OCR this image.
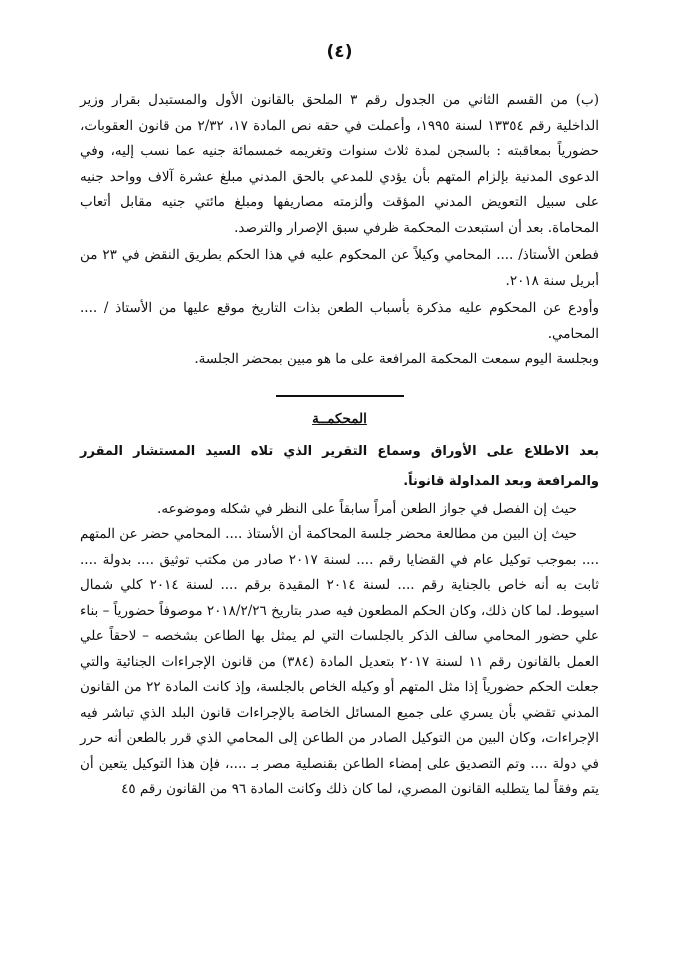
(٤)

(ب) من القسم الثاني من الجدول رقم ٣ الملحق بالقانون الأول والمستبدل بقرار وزير الداخلية رقم ١٣٣٥٤ لسنة ١٩٩٥، وأعملت في حقه نص المادة ١٧، ٢/٣٢ من قانون العقوبات، حضورياً بمعاقبته : بالسجن لمدة ثلاث سنوات وتغريمه خمسمائة جنيه عما نسب إليه، وفي الدعوى المدنية بإلزام المتهم بأن يؤدي للمدعي بالحق المدني مبلغ عشرة آلاف وواحد جنيه على سبيل التعويض المدني المؤقت وألزمته مصاريفها ومبلغ مائتي جنيه مقابل أتعاب المحاماة. بعد أن استبعدت المحكمة ظرفي سبق الإصرار والترصد.

فطعن الأستاذ/ .... المحامي وكيلاً عن المحكوم عليه في هذا الحكم بطريق النقض في ٢٣ من أبريل سنة ٢٠١٨.

وأودع عن المحكوم عليه مذكرة بأسباب الطعن بذات التاريخ موقع عليها من الأستاذ / .... المحامي.

وبجلسة اليوم سمعت المحكمة المرافعة على ما هو مبين بمحضر الجلسة.

المحكمــة

بعد الاطلاع على الأوراق وسماع التقرير الذي تلاه السيد المستشار المقرر والمرافعة وبعد المداولة قانوناً.

حيث إن الفصل في جواز الطعن أمراً سابقاً على النظر في شكله وموضوعه.

حيث إن البين من مطالعة محضر جلسة المحاكمة أن الأستاذ .... المحامي حضر عن المتهم .... بموجب توكيل عام في القضايا رقم .... لسنة ٢٠١٧ صادر من مكتب توثيق .... بدولة .... ثابت به أنه خاص بالجناية رقم .... لسنة ٢٠١٤ المقيدة برقم .... لسنة ٢٠١٤ كلي شمال اسيوط. لما كان ذلك، وكان الحكم المطعون فيه صدر بتاريخ ٢٠١٨/٢/٢٦ موصوفاً حضورياً – بناء علي حضور المحامي سالف الذكر بالجلسات التي لم يمثل بها الطاعن بشخصه – لاحقاً علي العمل بالقانون رقم ١١ لسنة ٢٠١٧ بتعديل المادة (٣٨٤) من قانون الإجراءات الجنائية والتي جعلت الحكم حضورياً إذا مثل المتهم أو وكيله الخاص بالجلسة، وإذ كانت المادة ٢٢ من القانون المدني تقضي بأن يسري على جميع المسائل الخاصة بالإجراءات قانون البلد الذي تباشر فيه الإجراءات، وكان البين من التوكيل الصادر من الطاعن إلى المحامي الذي قرر بالطعن أنه حرر في دولة .... وتم التصديق على إمضاء الطاعن بقنصلية مصر بـ ....، فإن هذا التوكيل يتعين أن يتم وفقاً لما يتطلبه القانون المصري، لما كان ذلك وكانت المادة ٩٦ من القانون رقم ٤٥
